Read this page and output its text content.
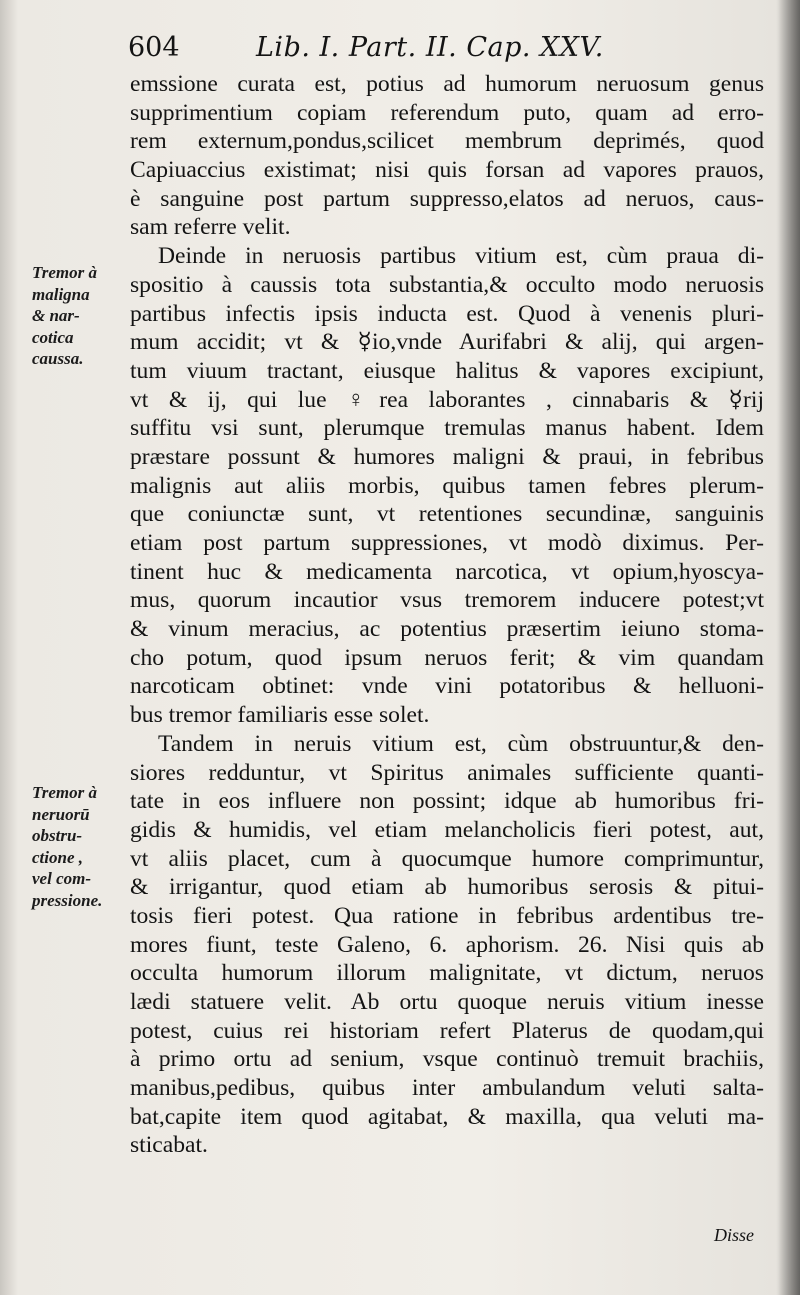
604	Lib. I. Part. II. Cap. XXV.
Tremor à
maligna
& nar-
cotica
caussa.
Tremor à
neruorū
obstru-
ctione ,
vel com-
pressione.
emssione curata est, potius ad humorum neruosum genus
supprimentium copiam referendum puto, quam ad erro-
rem externum,pondus,scilicet membrum deprimés, quod
Capiuaccius existimat; nisi quis forsan ad vapores prauos,
è sanguine post partum suppresso,elatos ad neruos, caus-
sam referre velit.
Deinde in neruosis partibus vitium est, cùm praua di-
spositio à caussis tota substantia,& occulto modo neruosis
partibus infectis ipsis inducta est. Quod à venenis pluri-
mum accidit; vt & ☿io,vnde Aurifabri & alij, qui argen-
tum viuum tractant, eiusque halitus & vapores excipiunt,
vt & ij, qui lue ♀rea laborantes , cinnabaris & ☿rij
suffitu vsi sunt, plerumque tremulas manus habent. Idem
præstare possunt & humores maligni & praui, in febribus
malignis aut aliis morbis, quibus tamen febres plerum-
que coniunctæ sunt, vt retentiones secundinæ, sanguinis
etiam post partum suppressiones, vt modò diximus. Per-
tinent huc & medicamenta narcotica, vt opium,hyoscya-
mus, quorum incautior vsus tremorem inducere potest;vt
& vinum meracius, ac potentius præsertim ieiuno stoma-
cho potum, quod ipsum neruos ferit; & vim quandam
narcoticam obtinet: vnde vini potatoribus & helluoni-
bus tremor familiaris esse solet.
Tandem in neruis vitium est, cùm obstruuntur,& den-
siores redduntur, vt Spiritus animales sufficiente quanti-
tate in eos influere non possint; idque ab humoribus fri-
gidis & humidis, vel etiam melancholicis fieri potest, aut,
vt aliis placet, cum à quocumque humore comprimuntur,
& irrigantur, quod etiam ab humoribus serosis & pitui-
tosis fieri potest. Qua ratione in febribus ardentibus tre-
mores fiunt, teste Galeno, 6. aphorism. 26. Nisi quis ab
occulta humorum illorum malignitate, vt dictum, neruos
lædi statuere velit. Ab ortu quoque neruis vitium inesse
potest, cuius rei historiam refert Platerus de quodam,qui
à primo ortu ad senium, vsque continuò tremuit brachiis,
manibus,pedibus, quibus inter ambulandum veluti salta-
bat,capite item quod agitabat, & maxilla, qua veluti ma-
sticabat.
Disse
